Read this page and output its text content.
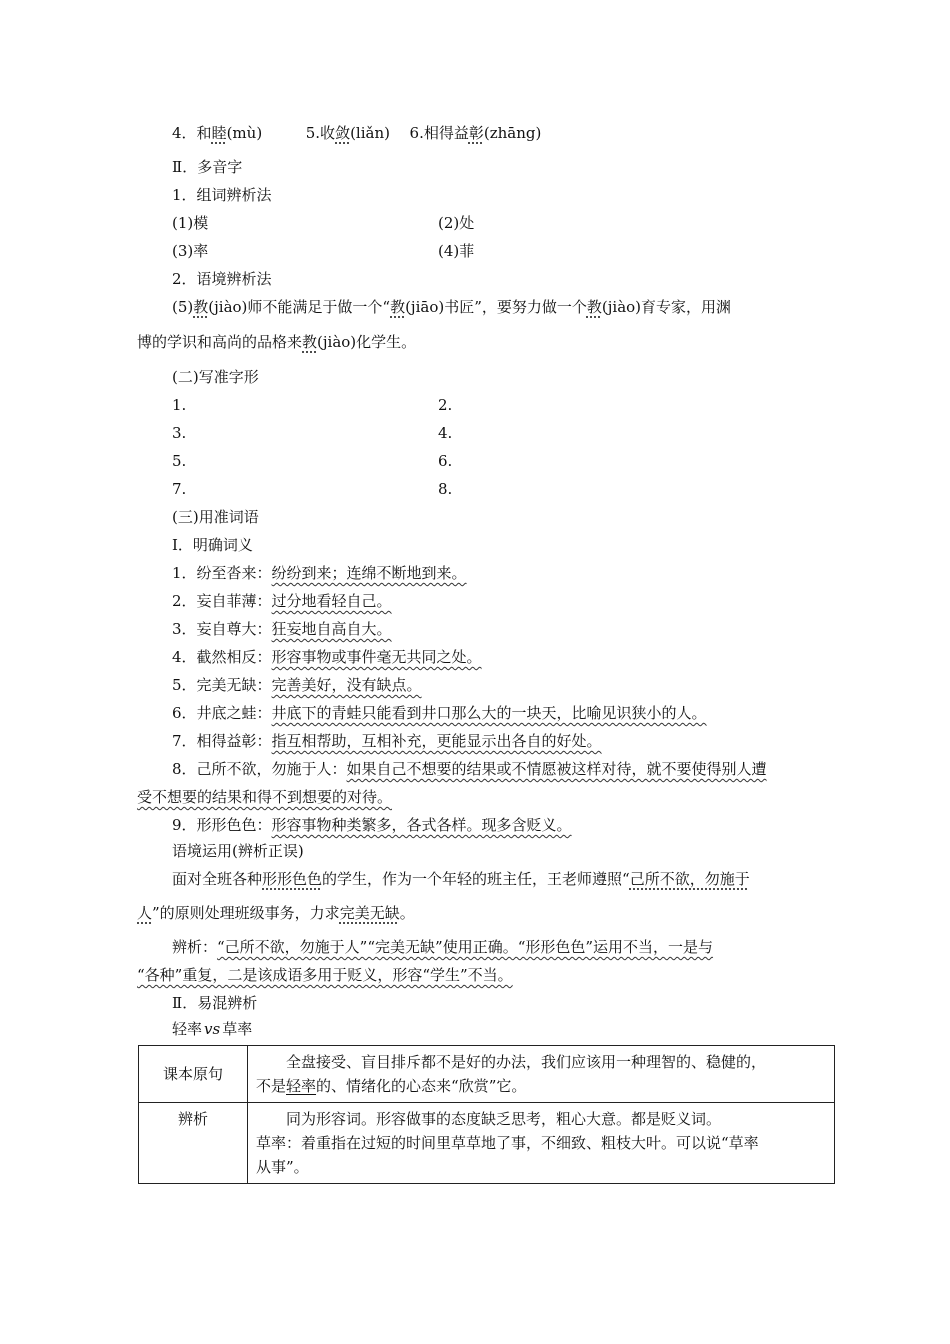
4．和睦(mù)	5.收敛(liǎn) 6.相得益彰(zhāng)
Ⅱ．多音字
1．组词辨析法
(1)模	(2)处
(3)率	(4)菲
2．语境辨析法
(5)教(jiào)师不能满足于做一个“教(jiāo)书匠”，要努力做一个教(jiào)育专家，用渊
博的学识和高尚的品格来教(jiào)化学生。
(二)写准字形
1.	2.
3.	4.
5.	6.
7.	8.
(三)用准词语
Ⅰ．明确词义
1．纷至沓来：纷纷到来；连绵不断地到来。
2．妄自菲薄：过分地看轻自己。
3．妄自尊大：狂妄地自高自大。
4．截然相反：形容事物或事件毫无共同之处。
5．完美无缺：完善美好，没有缺点。
6．井底之蛙：井底下的青蛙只能看到井口那么大的一块天，比喻见识狭小的人。
7．相得益彰：指互相帮助，互相补充，更能显示出各自的好处。
8．己所不欲，勿施于人：如果自己不想要的结果或不情愿被这样对待，就不要使得别人遭
受不想要的结果和得不到想要的对待。
9．形形色色：形容事物种类繁多，各式各样。现多含贬义。
语境运用(辨析正误)
面对全班各种形形色色的学生，作为一个年轻的班主任，王老师遵照“己所不欲，勿施于
人”的原则处理班级事务，力求完美无缺。
辨析：“己所不欲，勿施于人”“完美无缺”使用正确。“形形色色”运用不当，一是与
“各种”重复，二是该成语多用于贬义，形容“学生”不当。
Ⅱ．易混辨析
轻率 vs 草率
课本原句	全盘接受、盲目排斥都不是好的办法，我们应该用一种理智的、稳健的，
不是轻率的、情绪化的心态来“欣赏”它。

辨析	同为形容词。形容做事的态度缺乏思考，粗心大意。都是贬义词。
草率：着重指在过短的时间里草草地了事，不细致、粗枝大叶。可以说“草率
从事”。
